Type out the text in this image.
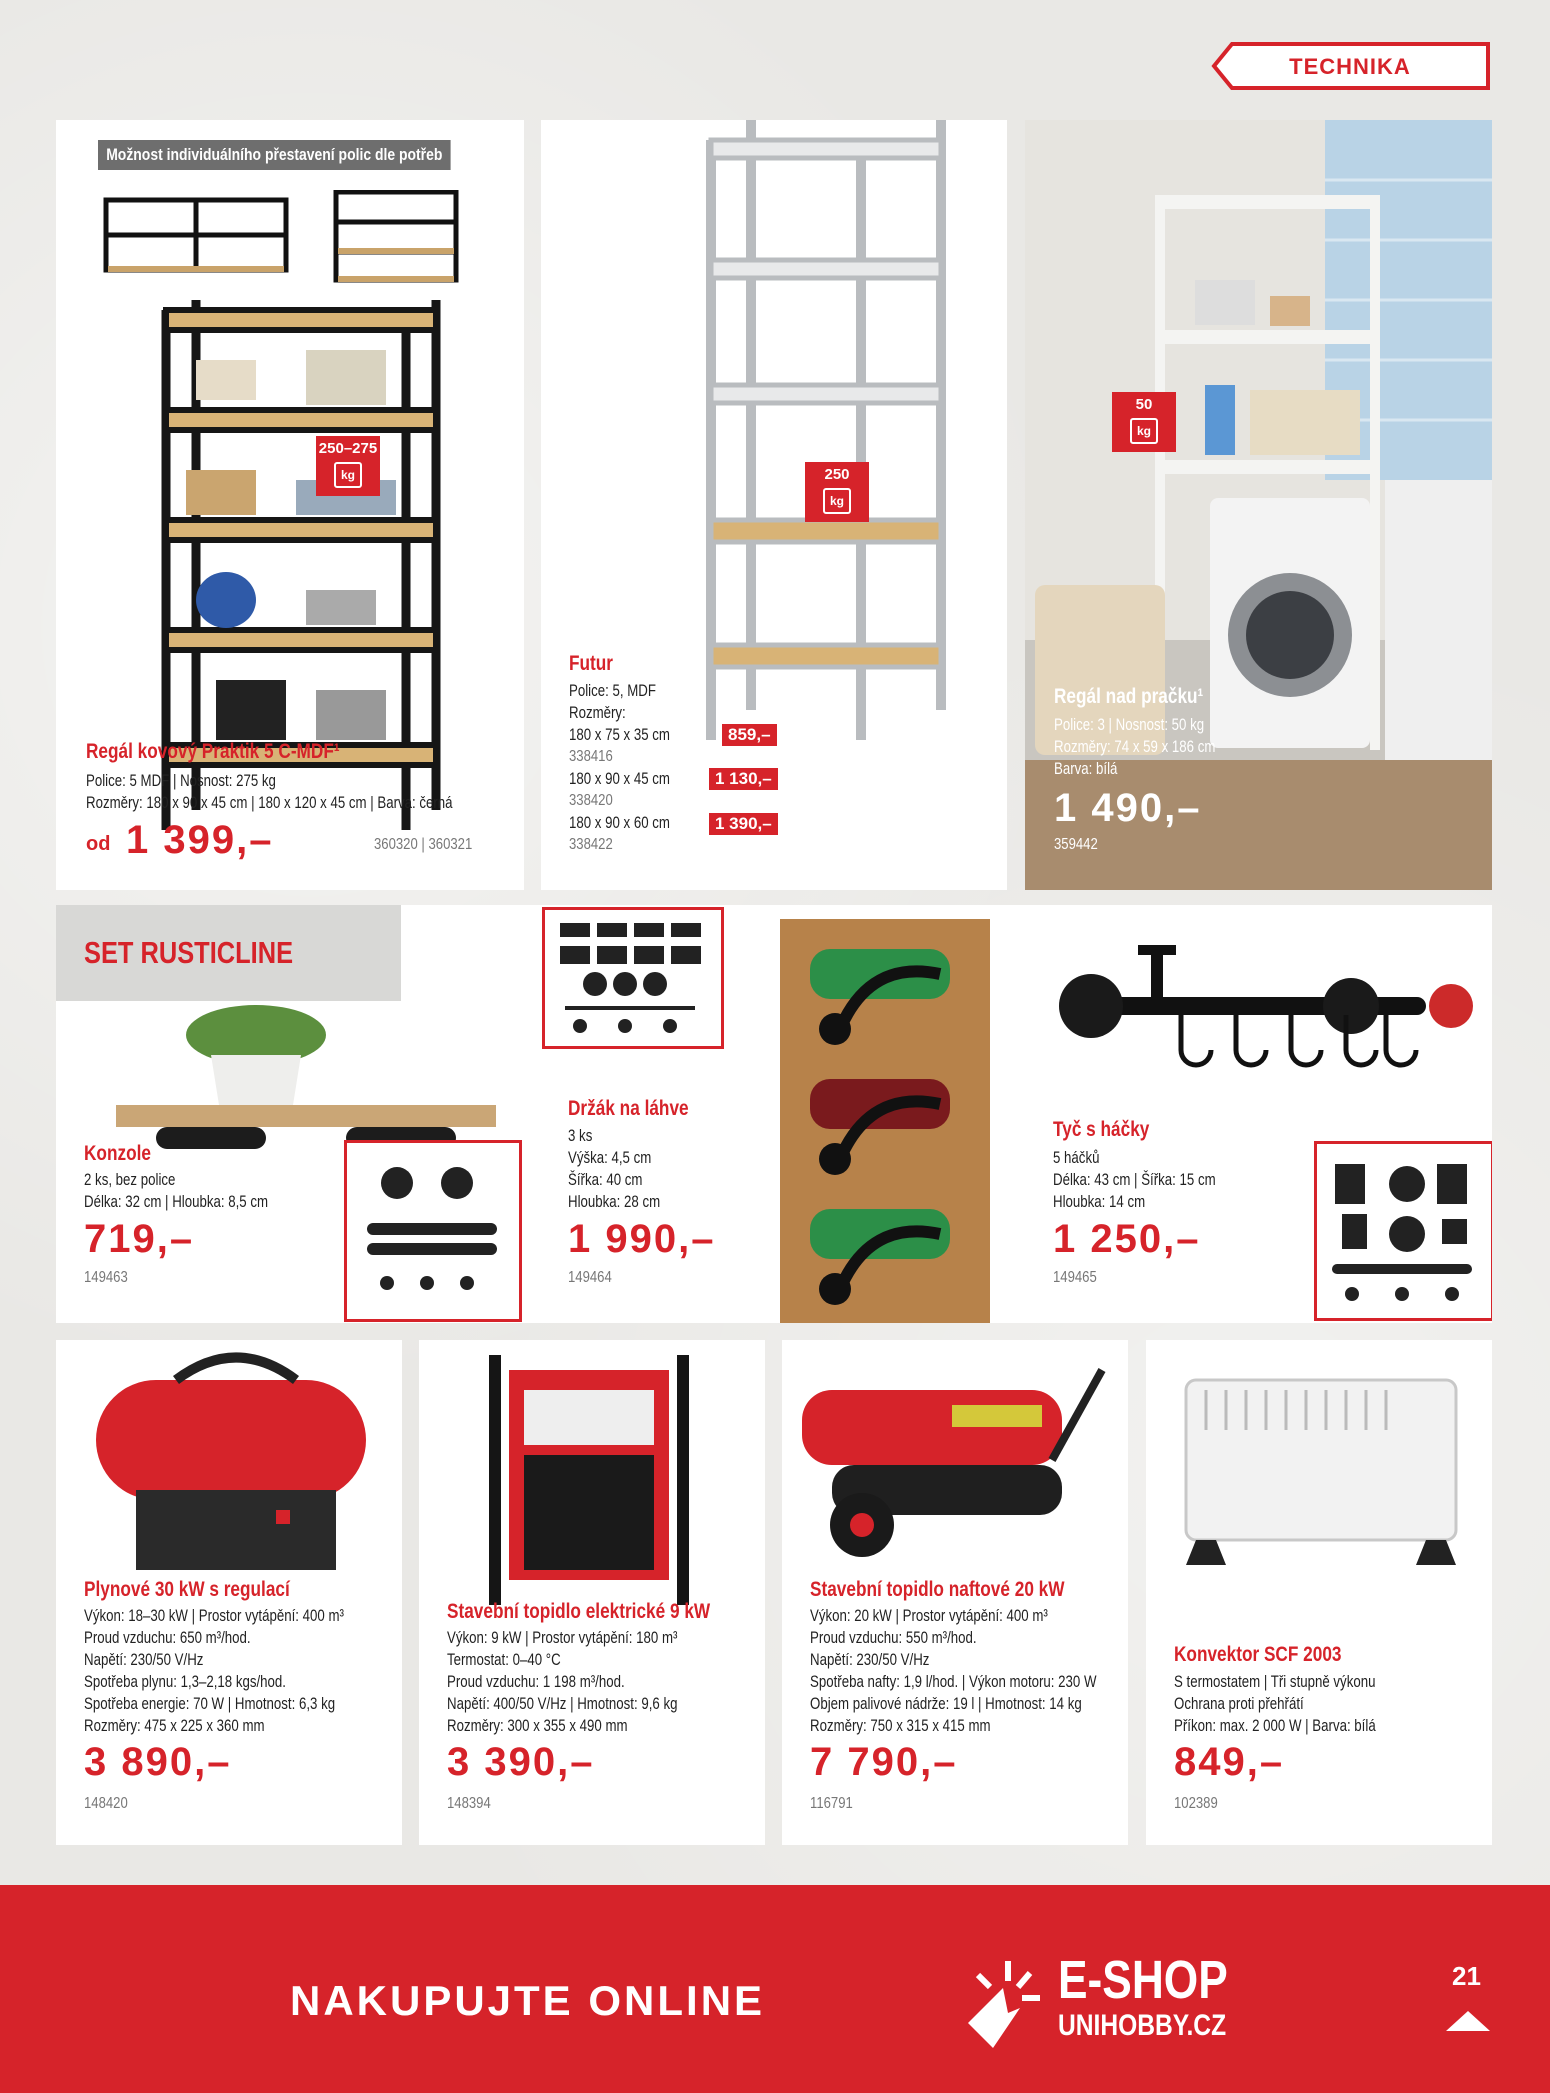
TECHNIKA
Možnost individuálního přestavení polic dle potřeb
250–275
kg
Regál kovový Praktik 5 C-MDF¹
Police: 5 MDF | Nosnost: 275 kg
Rozměry: 180 x 90 x 45 cm | 180 x 120 x 45 cm | Barva: černá
od 1 399,–	360320 | 360321
250
kg
Futur
Police: 5, MDF
Rozměry:
180 x 75 x 35 cm	859,–
338416
180 x 90 x 45 cm	1 130,–
338420
180 x 90 x 60 cm	1 390,–
338422
50
kg
Regál nad pračku¹
Police: 3 | Nosnost: 50 kg
Rozměry: 74 x 59 x 186 cm
Barva: bílá
1 490,–
359442
SET RUSTICLINE
Konzole
2 ks, bez police
Délka: 32 cm | Hloubka: 8,5 cm
719,–
149463
Držák na láhve
3 ks
Výška: 4,5 cm
Šířka: 40 cm
Hloubka: 28 cm
1 990,–
149464
Tyč s háčky
5 háčků
Délka: 43 cm | Šířka: 15 cm
Hloubka: 14 cm
1 250,–
149465
Plynové 30 kW s regulací
Výkon: 18–30 kW | Prostor vytápění: 400 m³
Proud vzduchu: 650 m³/hod.
Napětí: 230/50 V/Hz
Spotřeba plynu: 1,3–2,18 kgs/hod.
Spotřeba energie: 70 W | Hmotnost: 6,3 kg
Rozměry: 475 x 225 x 360 mm
3 890,–
148420
Stavební topidlo elektrické 9 kW
Výkon: 9 kW | Prostor vytápění: 180 m³
Termostat: 0–40 °C
Proud vzduchu: 1 198 m³/hod.
Napětí: 400/50 V/Hz | Hmotnost: 9,6 kg
Rozměry: 300 x 355 x 490 mm
3 390,–
148394
Stavební topidlo naftové 20 kW
Výkon: 20 kW | Prostor vytápění: 400 m³
Proud vzduchu: 550 m³/hod.
Napětí: 230/50 V/Hz
Spotřeba nafty: 1,9 l/hod. | Výkon motoru: 230 W
Objem palivové nádrže: 19 l | Hmotnost: 14 kg
Rozměry: 750 x 315 x 415 mm
7 790,–
116791
Konvektor SCF 2003
S termostatem | Tři stupně výkonu
Ochrana proti přehřátí
Příkon: max. 2 000 W | Barva: bílá
849,–
102389
NAKUPUJTE ONLINE	E-SHOP
UNIHOBBY.CZ
21
